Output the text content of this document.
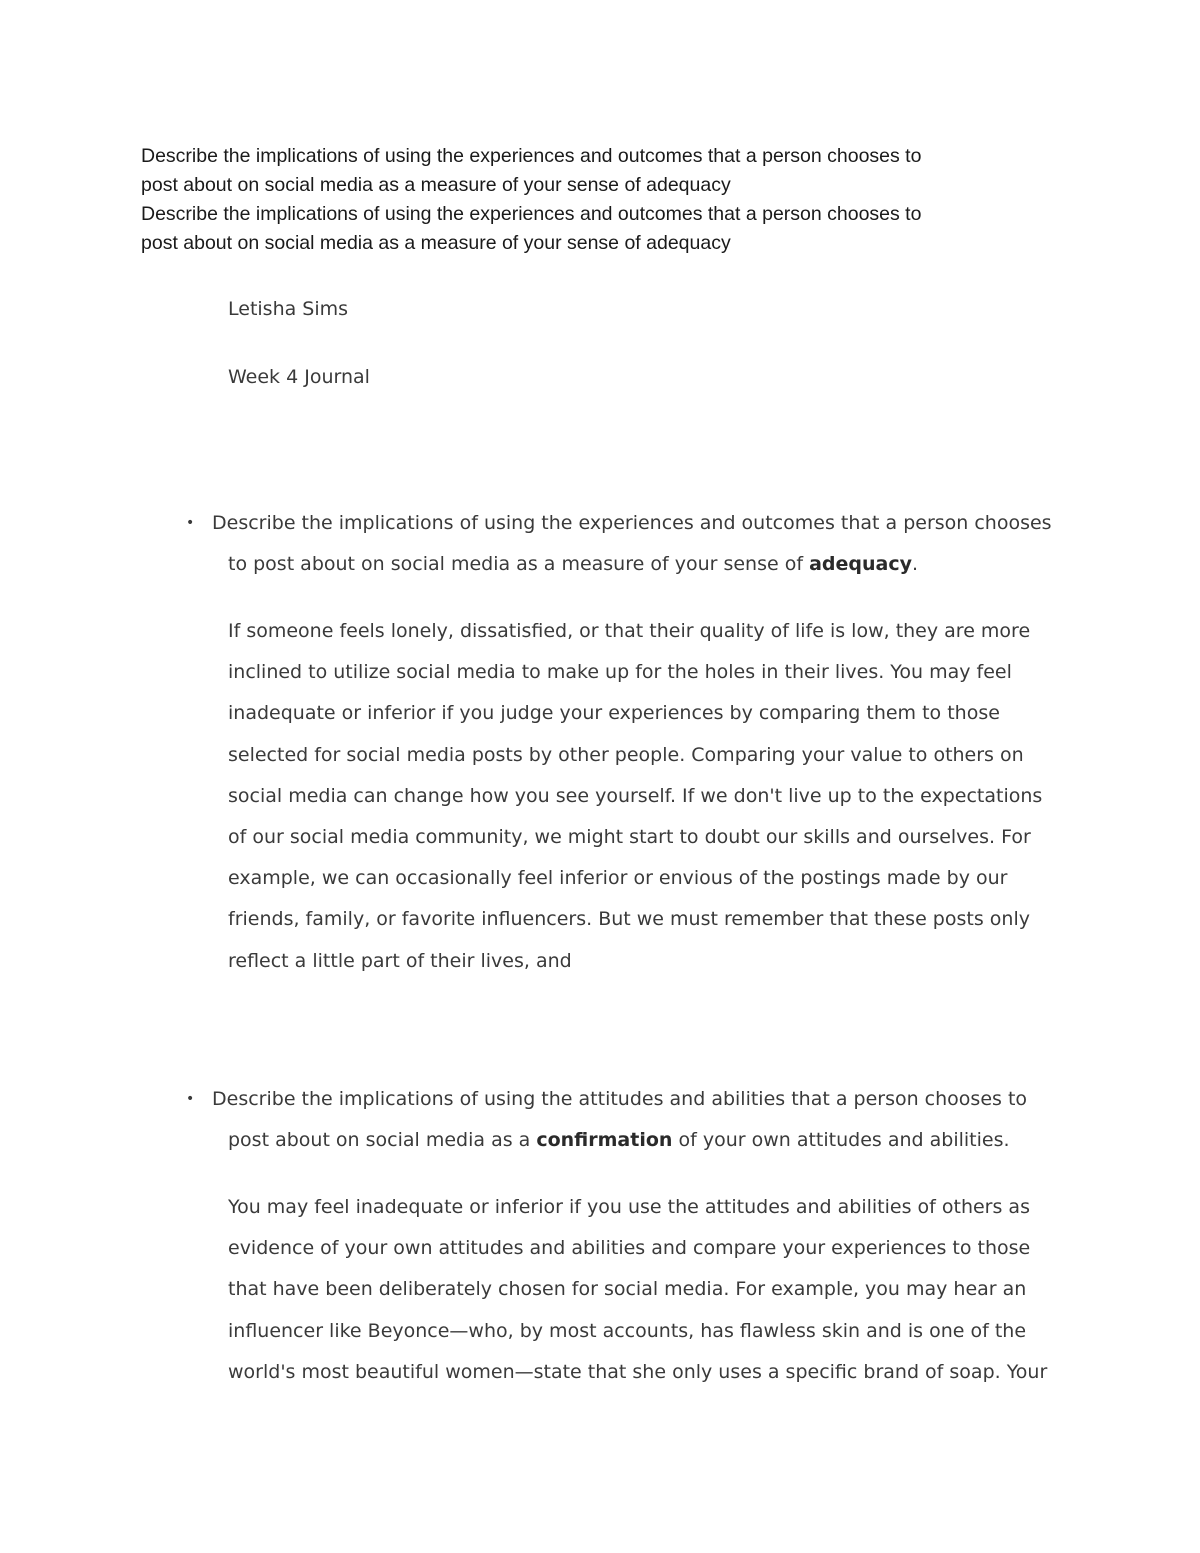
Describe the implications of using the experiences and outcomes that a person chooses to

post about on social media as a measure of your sense of adequacy

Describe the implications of using the experiences and outcomes that a person chooses to

post about on social media as a measure of your sense of adequacy

Letisha Sims

Week 4 Journal

• Describe the implications of using the experiences and outcomes that a person chooses
to post about on social media as a measure of your sense of adequacy.

If someone feels lonely, dissatisfied, or that their quality of life is low, they are more
inclined to utilize social media to make up for the holes in their lives. You may feel
inadequate or inferior if you judge your experiences by comparing them to those
selected for social media posts by other people. Comparing your value to others on
social media can change how you see yourself. If we don't live up to the expectations
of our social media community, we might start to doubt our skills and ourselves. For
example, we can occasionally feel inferior or envious of the postings made by our
friends, family, or favorite influencers. But we must remember that these posts only
reflect a little part of their lives, and

• Describe the implications of using the attitudes and abilities that a person chooses to
post about on social media as a confirmation of your own attitudes and abilities.

You may feel inadequate or inferior if you use the attitudes and abilities of others as
evidence of your own attitudes and abilities and compare your experiences to those
that have been deliberately chosen for social media. For example, you may hear an
influencer like Beyonce—who, by most accounts, has flawless skin and is one of the
world's most beautiful women—state that she only uses a specific brand of soap. Your
